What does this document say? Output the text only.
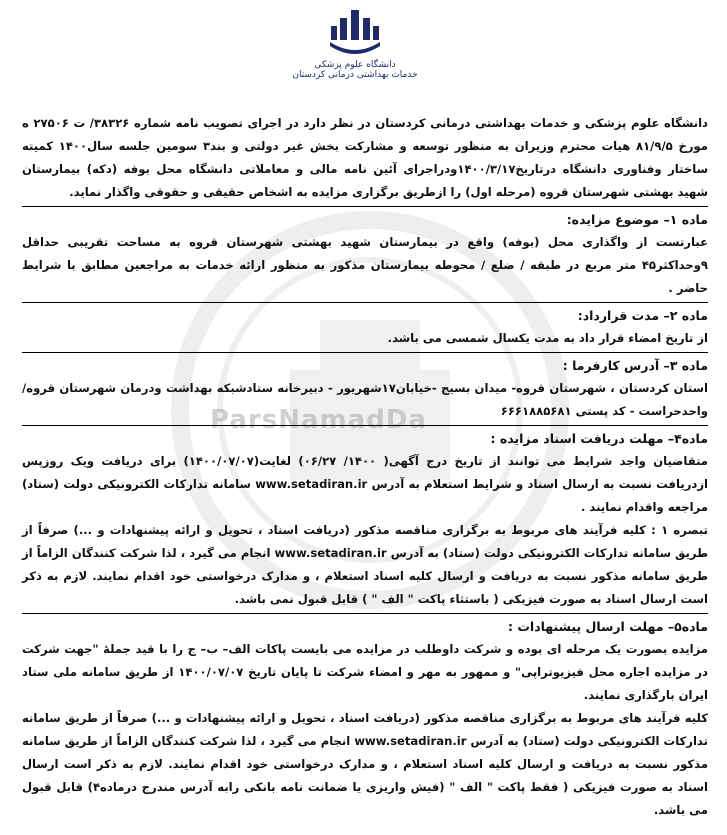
ParsNamadDa
دانشگاه علوم پزشکی
خدمات بهداشتی درمانی کردستان

دانشگاه علوم پزشکی و خدمات بهداشتی درمانی کردستان در نظر دارد در اجرای تصویب نامه شماره ۳۸۳۲۶/ ت ۲۷۵۰۶ ه مورخ ۸۱/۹/۵ هیات محترم وزیران به منظور توسعه و مشارکت بخش غیر دولتی و بند۳ سومین جلسه سال۱۴۰۰ کمیته ساختار وفناوری دانشگاه درتاریخ۱۴۰۰/۳/۱۷ودراجرای آئین نامه مالی و معاملاتی دانشگاه محل بوفه (دکه) بیمارستان شهید بهشتی شهرستان قروه (مرحله اول) را ازطریق برگزاری مزایده به اشخاص حقیقی و حقوقی واگذار نماید.

ماده ۱– موضوع مزایده:

عبارتست از واگذاری محل (بوفه) واقع در بیمارستان شهید بهشتی شهرستان قروه به مساحت تقریبی حداقل ۹وحداکثر۴۵ متر مربع در طبقه / ضلع / محوطه بیمارستان مذکور به منظور ارائه خدمات به مراجعین مطابق با شرایط حاضر .

ماده ۲– مدت قرارداد:

از تاریخ امضاء قرار داد به مدت یکسال شمسی می باشد.

ماده ۳– آدرس کارفرما :

استان کردستان ، شهرستان قروه- میدان بسیج -خیابان۱۷شهریور - دبیرخانه ستادشبکه بهداشت ودرمان شهرستان قروه/واحدحراست - کد پستی ۶۶۶۱۸۸۵۶۸۱

ماده۴– مهلت دریافت اسناد مزایده :

متقاضیان واجد شرایط می توانند از تاریخ درج آگهی( ۱۴۰۰/ ۰۶/۲۷) لغایت(۱۴۰۰/۰۷/۰۷) برای دریافت ویک روزپس ازدریافت نسبت به ارسال اسناد و شرایط استعلام به آدرس www.setadiran.ir سامانه تدارکات الکترونیکی دولت (ستاد) مراجعه واقدام نمایند .

تبصره ۱ : کلیه فرآیند های مربوط به برگزاری مناقصه مذکور (دریافت اسناد ، تحویل و ارائه پیشنهادات و ...) صرفاً از طریق سامانه تدارکات الکترونیکی دولت (ستاد) به آدرس www.setadiran.ir انجام می گیرد ، لذا شرکت کنندگان الزاماً از طریق سامانه مذکور نسبت به دریافت و ارسال کلیه اسناد استعلام ، و مدارک درخواستی خود اقدام نمایند. لازم به ذکر است ارسال اسناد به صورت فیزیکی ( باستثاء پاکت " الف " ) قابل قبول نمی باشد.

ماده۵– مهلت ارسال پیشنهادات :

مزایده بصورت یک مرحله ای بوده و شرکت داوطلب در مزایده می بایست پاکات الف– ب– ج را با قید جملهٔ "جهت شرکت در مزایده اجاره محل فیزیوتراپی" و ممهور به مهر و امضاء شرکت تا پایان تاریخ ۱۴۰۰/۰۷/۰۷ از طریق سامانه ملی ستاد ایران بارگذاری نمایند.

کلیه فرآیند های مربوط به برگزاری مناقصه مذکور (دریافت اسناد ، تحویل و ارائه پیشنهادات و ...) صرفاً از طریق سامانه تدارکات الکترونیکی دولت (ستاد) به آدرس www.setadiran.ir انجام می گیرد ، لذا شرکت کنندگان الزاماً از طریق سامانه مذکور نسبت به دریافت و ارسال کلیه اسناد استعلام ، و مدارک درخواستی خود اقدام نمایند. لازم به ذکر است ارسال اسناد به صورت فیزیکی ( فقط پاکت " الف " (فیش واریزی یا ضمانت نامه بانکی رابه آدرس مندرج درماده۴) قابل قبول می باشد.
